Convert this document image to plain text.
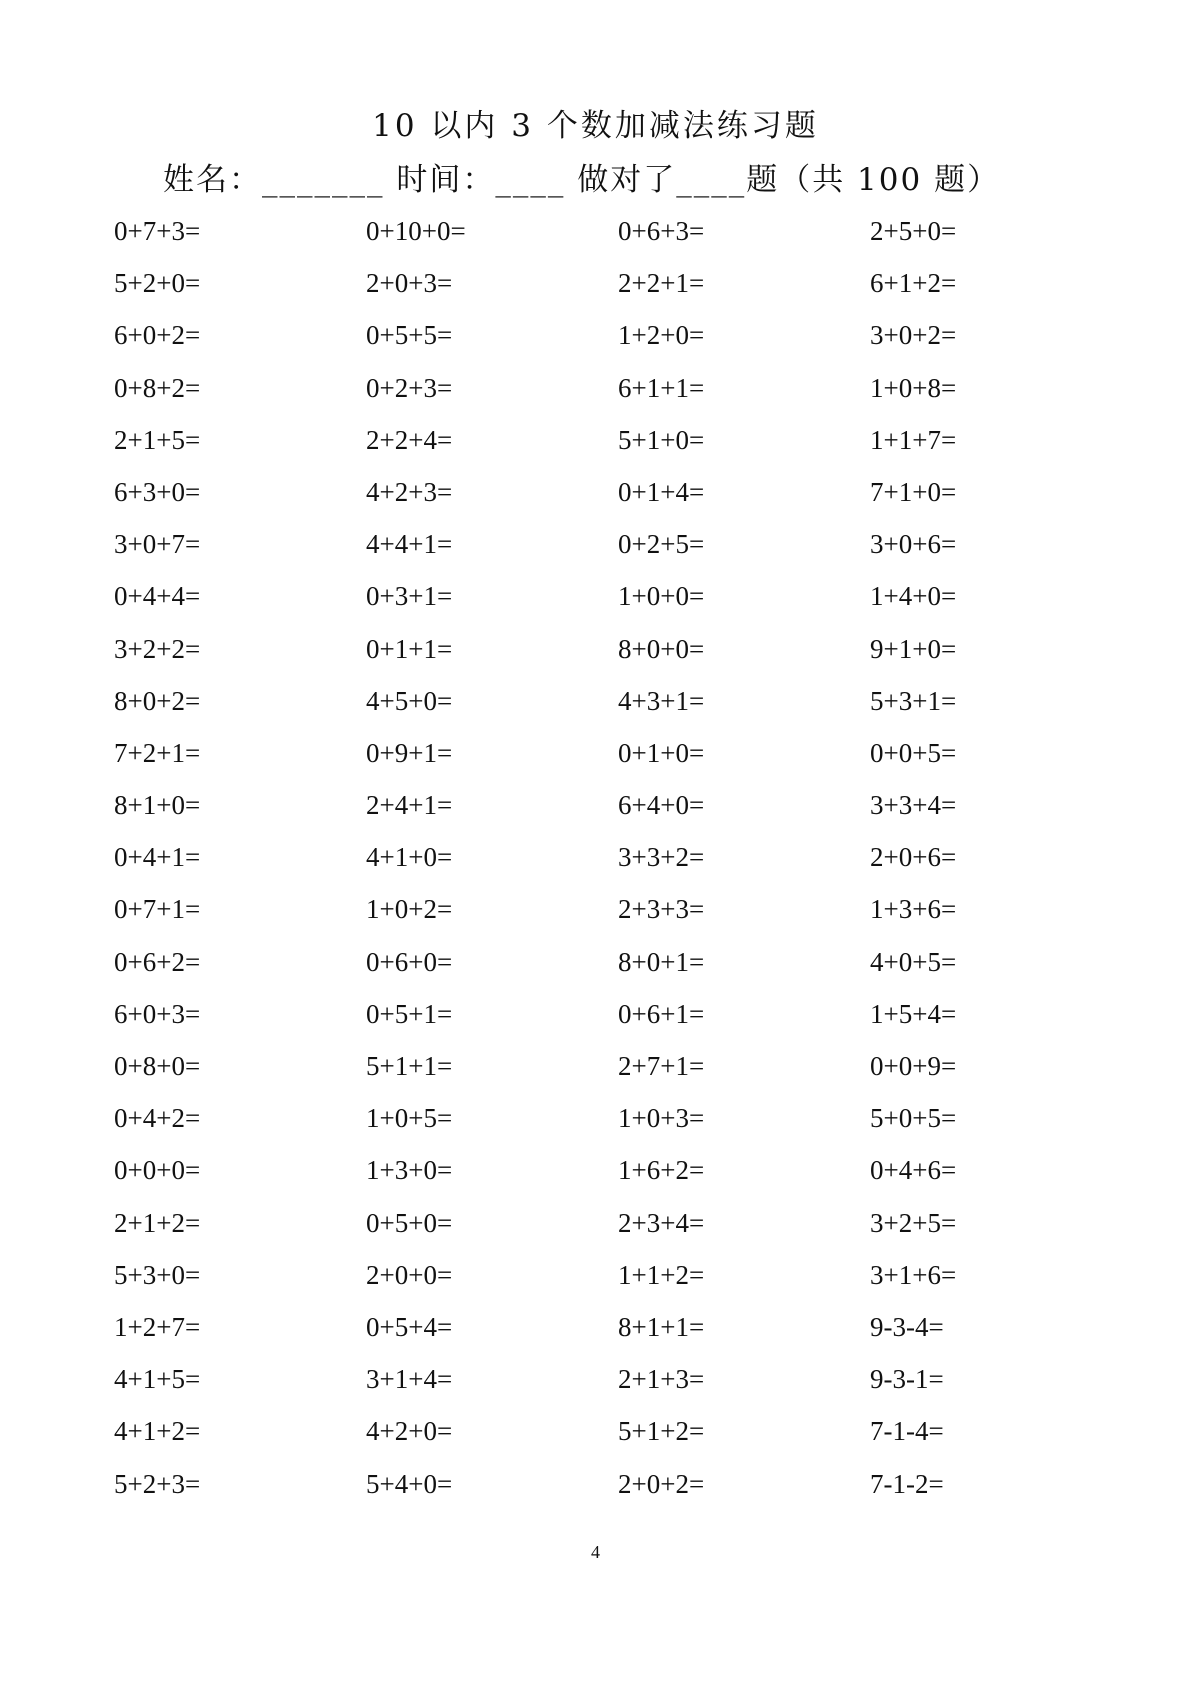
10 以内 3 个数加减法练习题
姓名：_______ 时间：____ 做对了____题（共 100 题）
0+7+3=	0+10+0=	0+6+3=	2+5+0=
5+2+0=	2+0+3=	2+2+1=	6+1+2=
6+0+2=	0+5+5=	1+2+0=	3+0+2=
0+8+2=	0+2+3=	6+1+1=	1+0+8=
2+1+5=	2+2+4=	5+1+0=	1+1+7=
6+3+0=	4+2+3=	0+1+4=	7+1+0=
3+0+7=	4+4+1=	0+2+5=	3+0+6=
0+4+4=	0+3+1=	1+0+0=	1+4+0=
3+2+2=	0+1+1=	8+0+0=	9+1+0=
8+0+2=	4+5+0=	4+3+1=	5+3+1=
7+2+1=	0+9+1=	0+1+0=	0+0+5=
8+1+0=	2+4+1=	6+4+0=	3+3+4=
0+4+1=	4+1+0=	3+3+2=	2+0+6=
0+7+1=	1+0+2=	2+3+3=	1+3+6=
0+6+2=	0+6+0=	8+0+1=	4+0+5=
6+0+3=	0+5+1=	0+6+1=	1+5+4=
0+8+0=	5+1+1=	2+7+1=	0+0+9=
0+4+2=	1+0+5=	1+0+3=	5+0+5=
0+0+0=	1+3+0=	1+6+2=	0+4+6=
2+1+2=	0+5+0=	2+3+4=	3+2+5=
5+3+0=	2+0+0=	1+1+2=	3+1+6=
1+2+7=	0+5+4=	8+1+1=	9-3-4=
4+1+5=	3+1+4=	2+1+3=	9-3-1=
4+1+2=	4+2+0=	5+1+2=	7-1-4=
5+2+3=	5+4+0=	2+0+2=	7-1-2=
4
